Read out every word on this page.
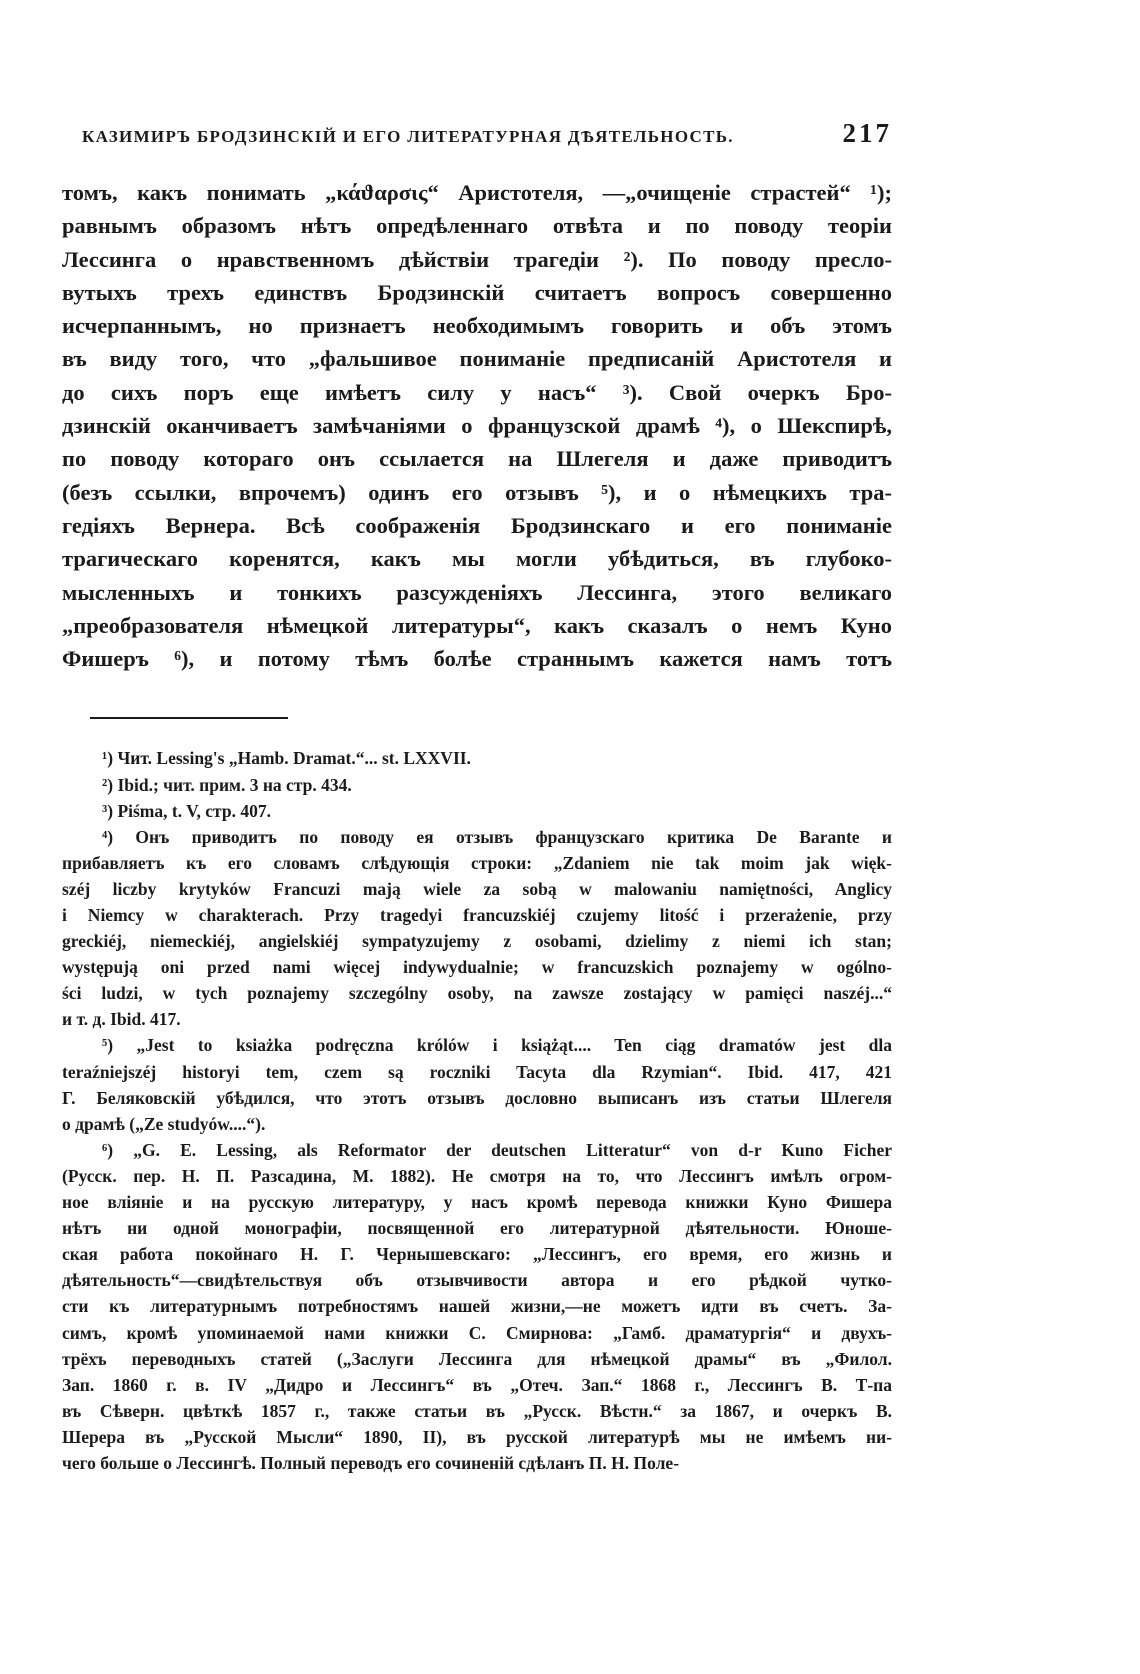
КАЗИМИРЪ БРОДЗИНСКІЙ И ЕГО ЛИТЕРАТУРНАЯ ДѢЯТЕЛЬНОСТЬ.	217
томъ, какъ понимать „κάϑαρσις“ Аристотеля, —„очищеніе страстей“ ¹);
равнымъ образомъ нѣтъ опредѣленнаго отвѣта и по поводу теоріи
Лессинга о нравственномъ дѣйствіи трагедіи ²). По поводу пресло-
вутыхъ трехъ единствъ Бродзинскій считаетъ вопросъ совершенно
исчерпаннымъ, но признаетъ необходимымъ говорить и объ этомъ
въ виду того, что „фальшивое пониманіе предписаній Аристотеля и
до сихъ поръ еще имѣетъ силу у насъ“ ³). Свой очеркъ Бро-
дзинскій оканчиваетъ замѣчаніями о французской драмѣ ⁴), о Шекспирѣ,
по поводу котораго онъ ссылается на Шлегеля и даже приводитъ
(безъ ссылки, впрочемъ) одинъ его отзывъ ⁵), и о нѣмецкихъ тра-
гедіяхъ Вернера. Всѣ соображенія Бродзинскаго и его пониманіе
трагическаго коренятся, какъ мы могли убѣдиться, въ глубоко-
мысленныхъ и тонкихъ разсужденіяхъ Лессинга, этого великаго
„преобразователя нѣмецкой литературы“, какъ сказалъ о немъ Куно
Фишеръ ⁶), и потому тѣмъ болѣе страннымъ кажется намъ тотъ
¹) Чит. Lessing's „Hamb. Dramat.“... st. LXXVII.
²) Ibid.; чит. прим. 3 на стр. 434.
³) Piśma, t. V, стр. 407.
⁴) Онъ приводитъ по поводу ея отзывъ французскаго критика De Barante и
прибавляетъ къ его словамъ слѣдующія строки: „Zdaniem nie tak moim jak więk-
széj liczby krytyków Francuzi mają wiele za sobą w malowaniu namiętności, Anglicy
i Niemcy w charakterach. Przy tragedyi francuzskiéj czujemy litość i przerażenie, przy
greckiéj, niemeckiéj, angielskiéj sympatyzujemy z osobami, dzielimy z niemi ich stan;
występują oni przed nami więcej indywydualnie; w francuzskich poznajemy w ogólno-
ści ludzi, w tych poznajemy szczególny osoby, na zawsze zostający w pamięci naszéj...“
и т. д. Ibid. 417.
⁵) „Jest to ksiażka podręczna królów i książąt.... Ten ciąg dramatów jest dla
teraźniejszéj historyi tem, czem są roczniki Tacyta dla Rzymian“. Ibid. 417, 421
Г. Беляковскій убѣдился, что этотъ отзывъ дословно выписанъ изъ статьи Шлегеля
о драмѣ („Ze studyów....“).
⁶) „G. E. Lessing, als Reformator der deutschen Litteratur“ von d-r Kuno Ficher
(Русск. пер. Н. П. Разсадина, М. 1882). Не смотря на то, что Лессингъ имѣлъ огром-
ное вліяніе и на русскую литературу, у насъ кромѣ перевода книжки Куно Фишера
нѣтъ ни одной монографіи, посвященной его литературной дѣятельности. Юноше-
ская работа покойнаго Н. Г. Чернышевскаго: „Лессингъ, его время, его жизнь и
дѣятельность“—свидѣтельствуя объ отзывчивости автора и его рѣдкой чутко-
сти къ литературнымъ потребностямъ нашей жизни,—не можетъ идти въ счетъ. За-
симъ, кромѣ упоминаемой нами книжки С. Смирнова: „Гамб. драматургія“ и двухъ-
трёхъ переводныхъ статей („Заслуги Лессинга для нѣмецкой драмы“ въ „Филол.
Зап. 1860 г. в. IV „Дидро и Лессингъ“ въ „Отеч. Зап.“ 1868 г., Лессингъ В. Т-па
въ Сѣверн. цвѣткѣ 1857 г., также статьи въ „Русск. Вѣстн.“ за 1867, и очеркъ В.
Шерера въ „Русской Мысли“ 1890, II), въ русской литературѣ мы не имѣемъ ни-
чего больше о Лессингѣ. Полный переводъ его сочиненій сдѣланъ П. Н. Поле-
